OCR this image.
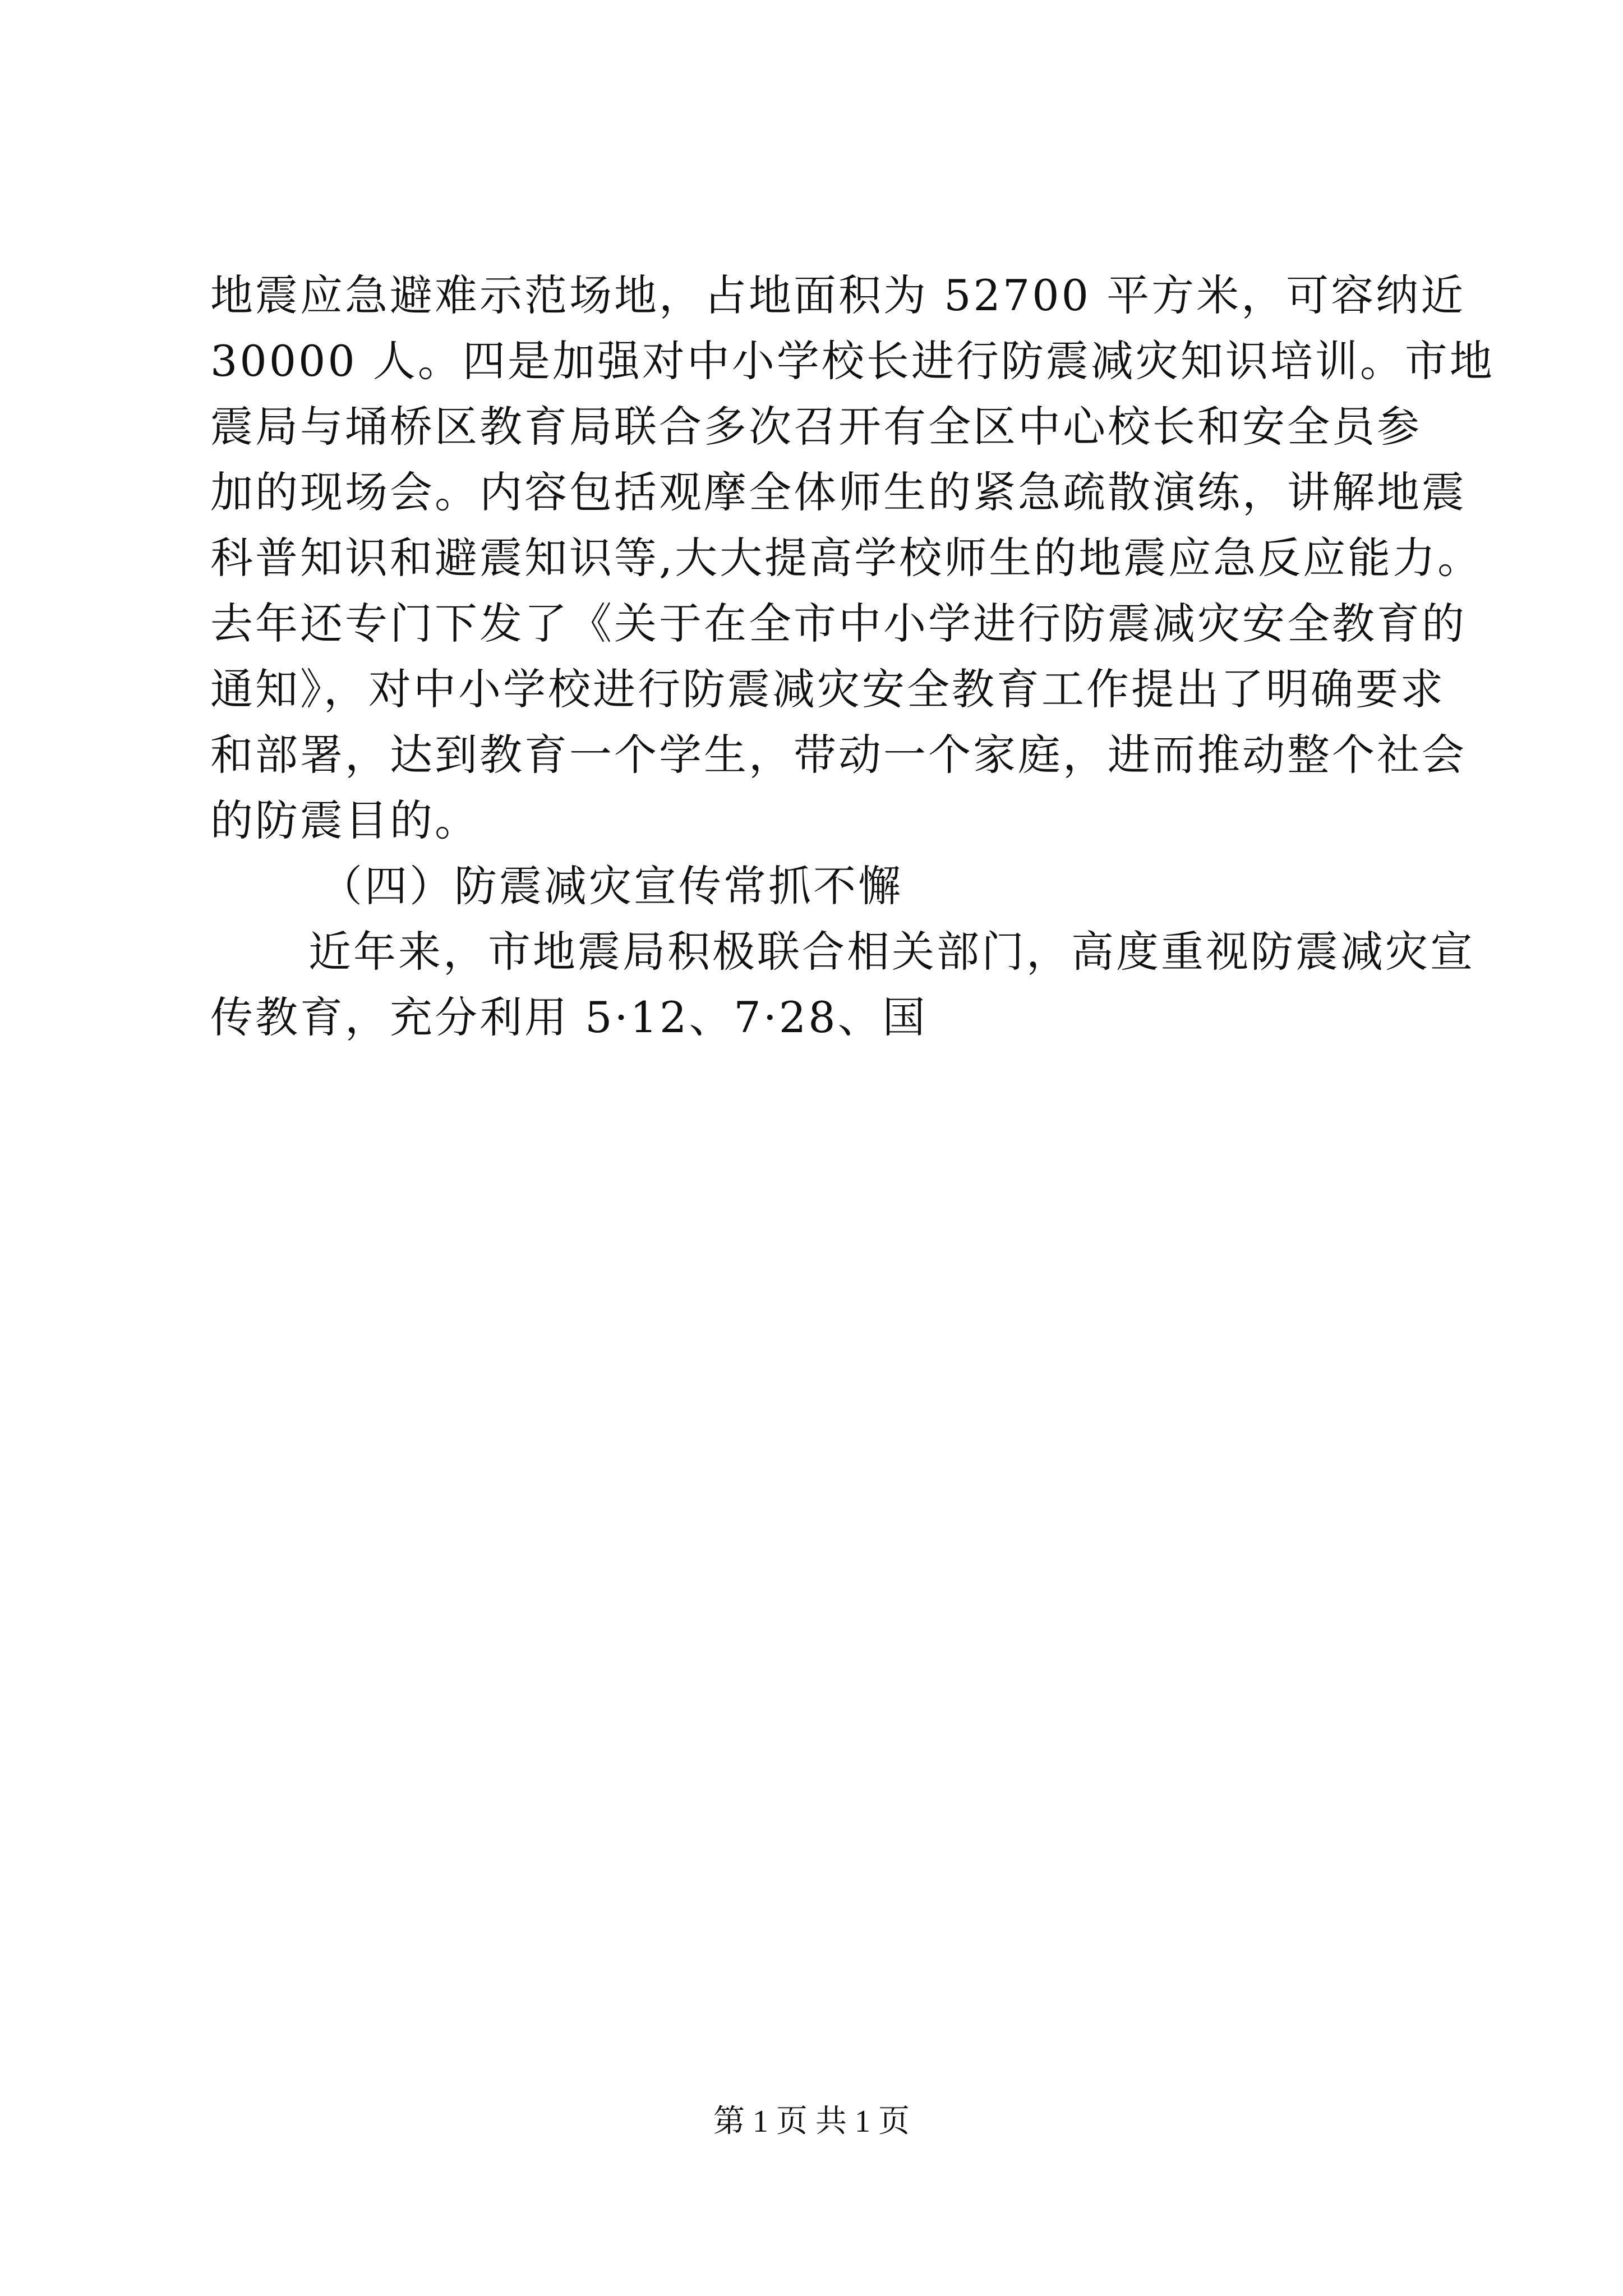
地震应急避难示范场地，占地面积为 52700 平方米，可容纳近
30000 人。四是加强对中小学校长进行防震减灾知识培训。市地
震局与埇桥区教育局联合多次召开有全区中心校长和安全员参
加的现场会。内容包括观摩全体师生的紧急疏散演练，讲解地震
科普知识和避震知识等,大大提高学校师生的地震应急反应能力。
去年还专门下发了《关于在全市中小学进行防震减灾安全教育的
通知》，对中小学校进行防震减灾安全教育工作提出了明确要求
和部署，达到教育一个学生，带动一个家庭，进而推动整个社会
的防震目的。
（四）防震减灾宣传常抓不懈
近年来，市地震局积极联合相关部门，高度重视防震减灾宣
传教育，充分利用 5·12、7·28、国
第 1 页 共 1 页
